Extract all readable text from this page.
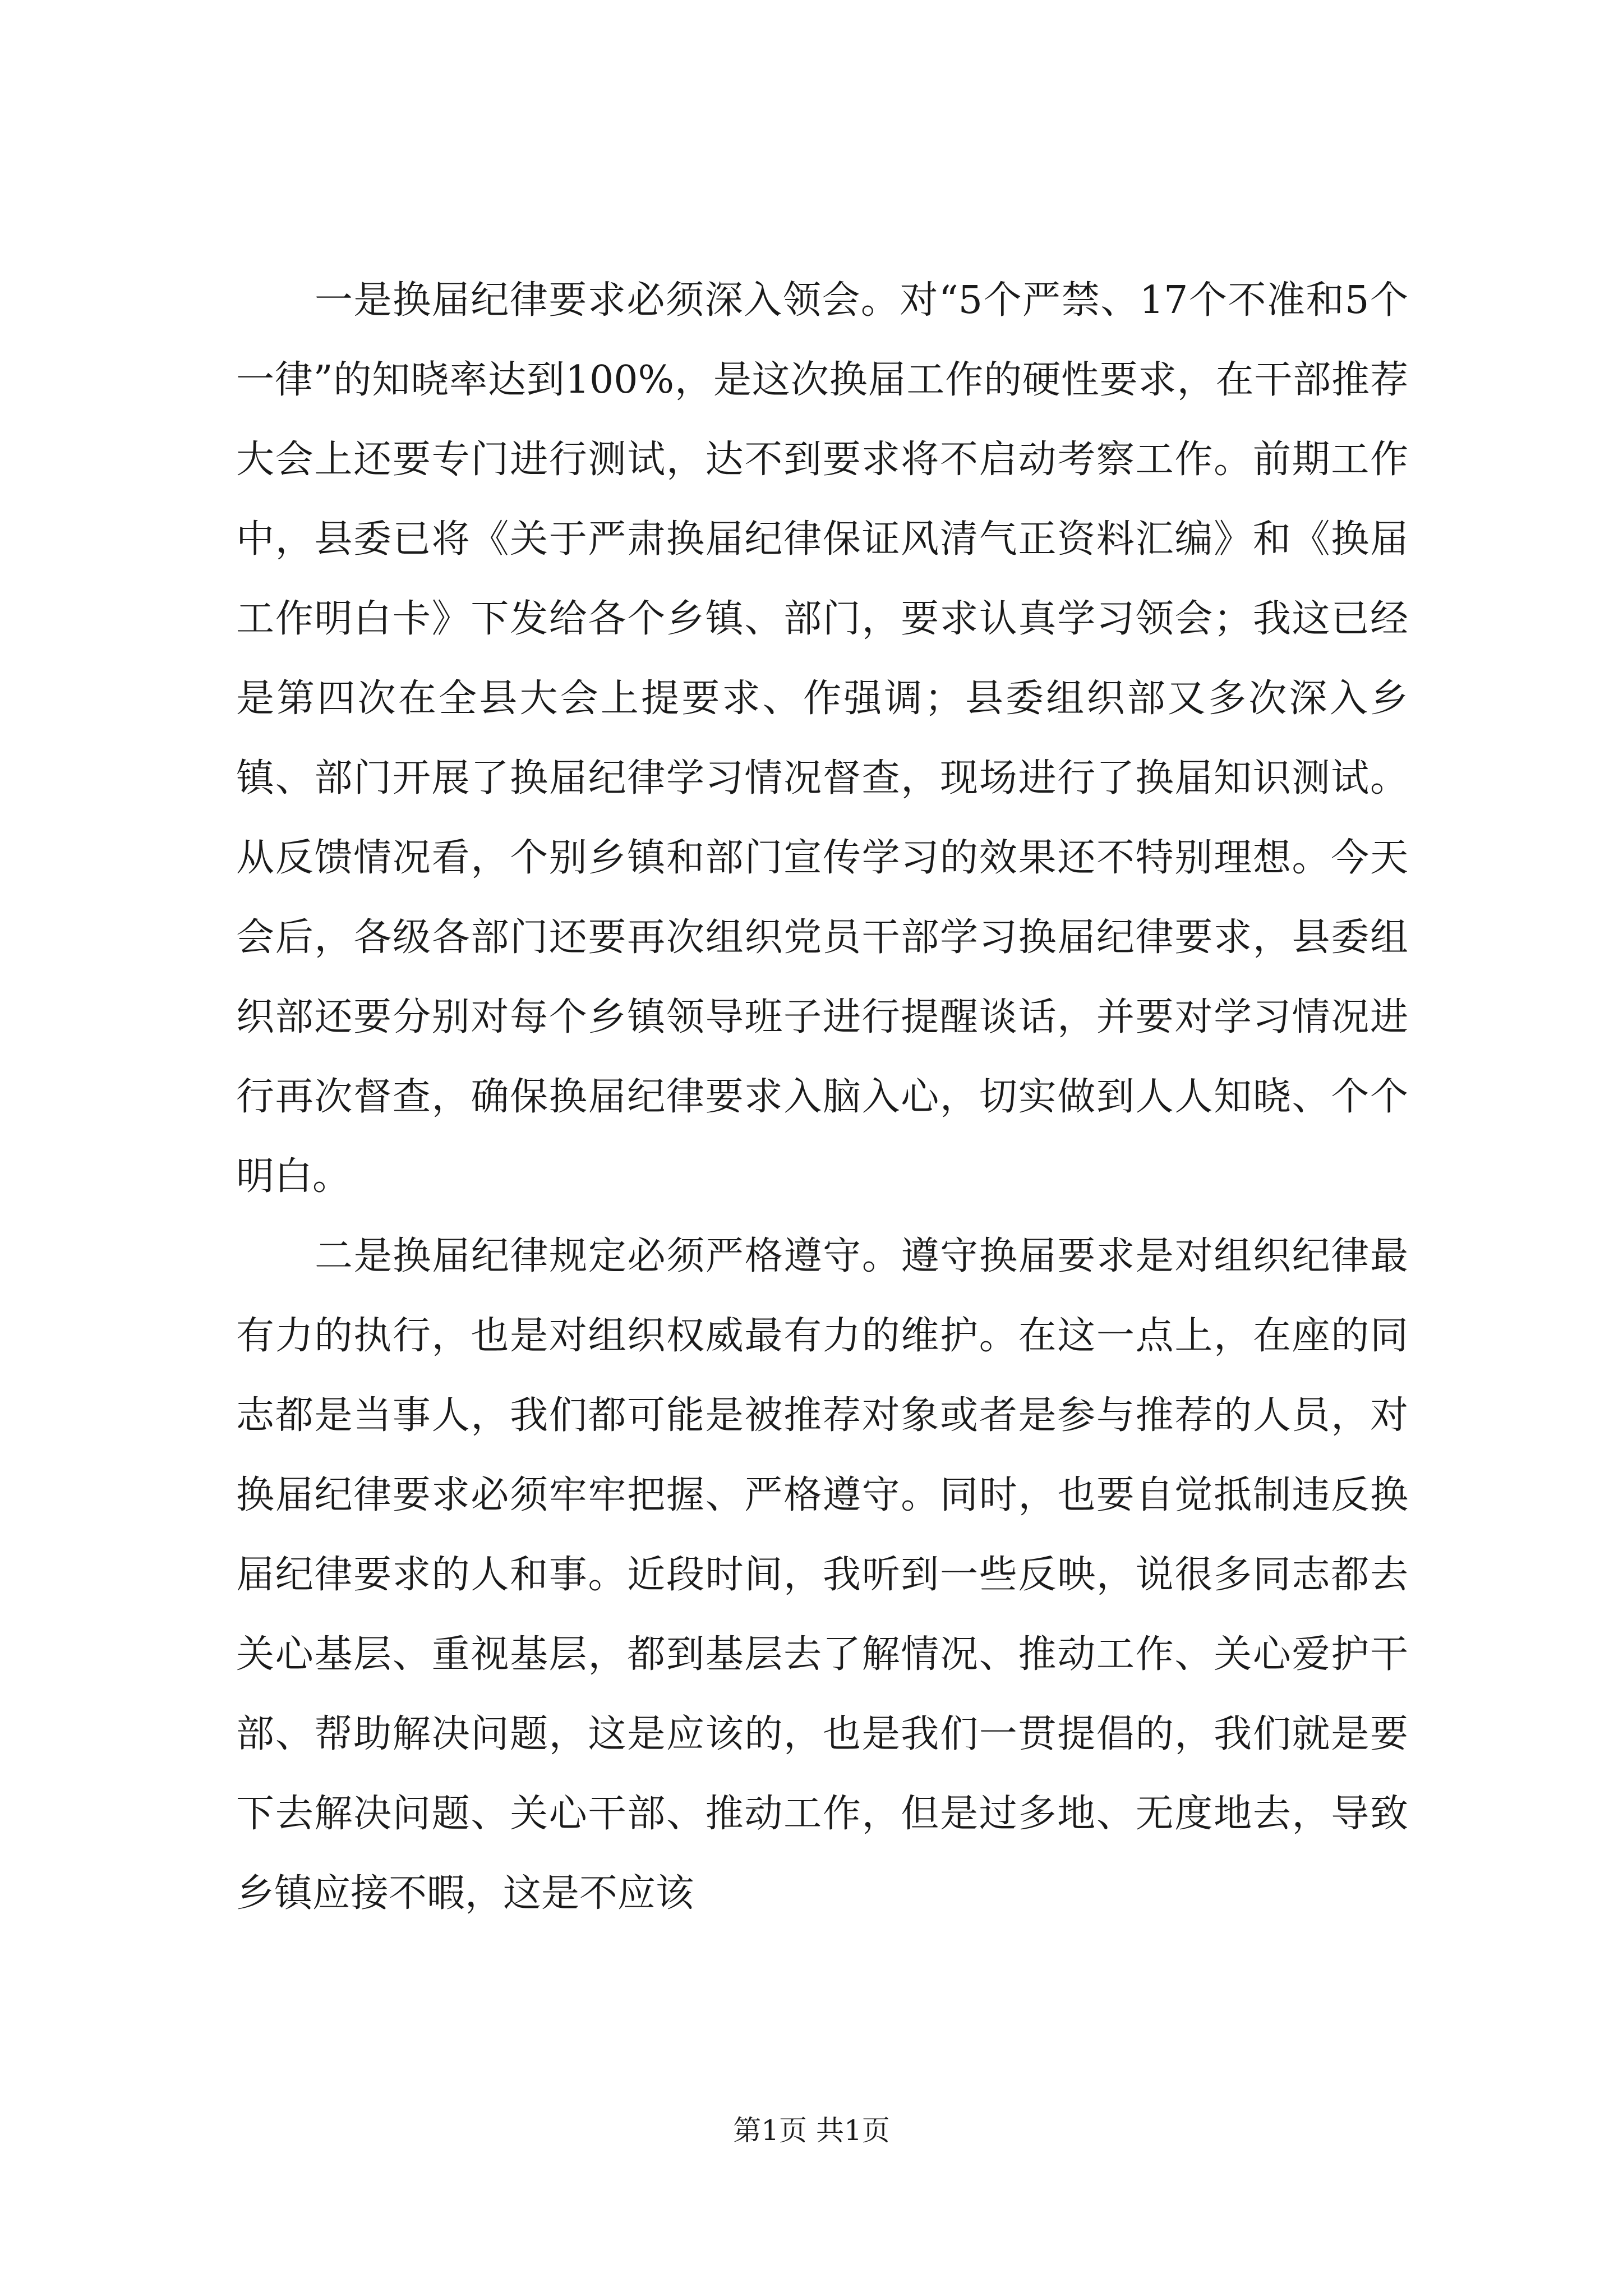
一是换届纪律要求必须深入领会。对“5个严禁、17个不准和5个一律”的知晓率达到100%，是这次换届工作的硬性要求，在干部推荐大会上还要专门进行测试，达不到要求将不启动考察工作。前期工作中，县委已将《关于严肃换届纪律保证风清气正资料汇编》和《换届工作明白卡》下发给各个乡镇、部门，要求认真学习领会；我这已经是第四次在全县大会上提要求、作强调；县委组织部又多次深入乡镇、部门开展了换届纪律学习情况督查，现场进行了换届知识测试。从反馈情况看，个别乡镇和部门宣传学习的效果还不特别理想。今天会后，各级各部门还要再次组织党员干部学习换届纪律要求，县委组织部还要分别对每个乡镇领导班子进行提醒谈话，并要对学习情况进行再次督查，确保换届纪律要求入脑入心，切实做到人人知晓、个个明白。

二是换届纪律规定必须严格遵守。遵守换届要求是对组织纪律最有力的执行，也是对组织权威最有力的维护。在这一点上，在座的同志都是当事人，我们都可能是被推荐对象或者是参与推荐的人员，对换届纪律要求必须牢牢把握、严格遵守。同时，也要自觉抵制违反换届纪律要求的人和事。近段时间，我听到一些反映，说很多同志都去关心基层、重视基层，都到基层去了解情况、推动工作、关心爱护干部、帮助解决问题，这是应该的，也是我们一贯提倡的，我们就是要下去解决问题、关心干部、推动工作，但是过多地、无度地去，导致乡镇应接不暇，这是不应该

第1页 共1页
